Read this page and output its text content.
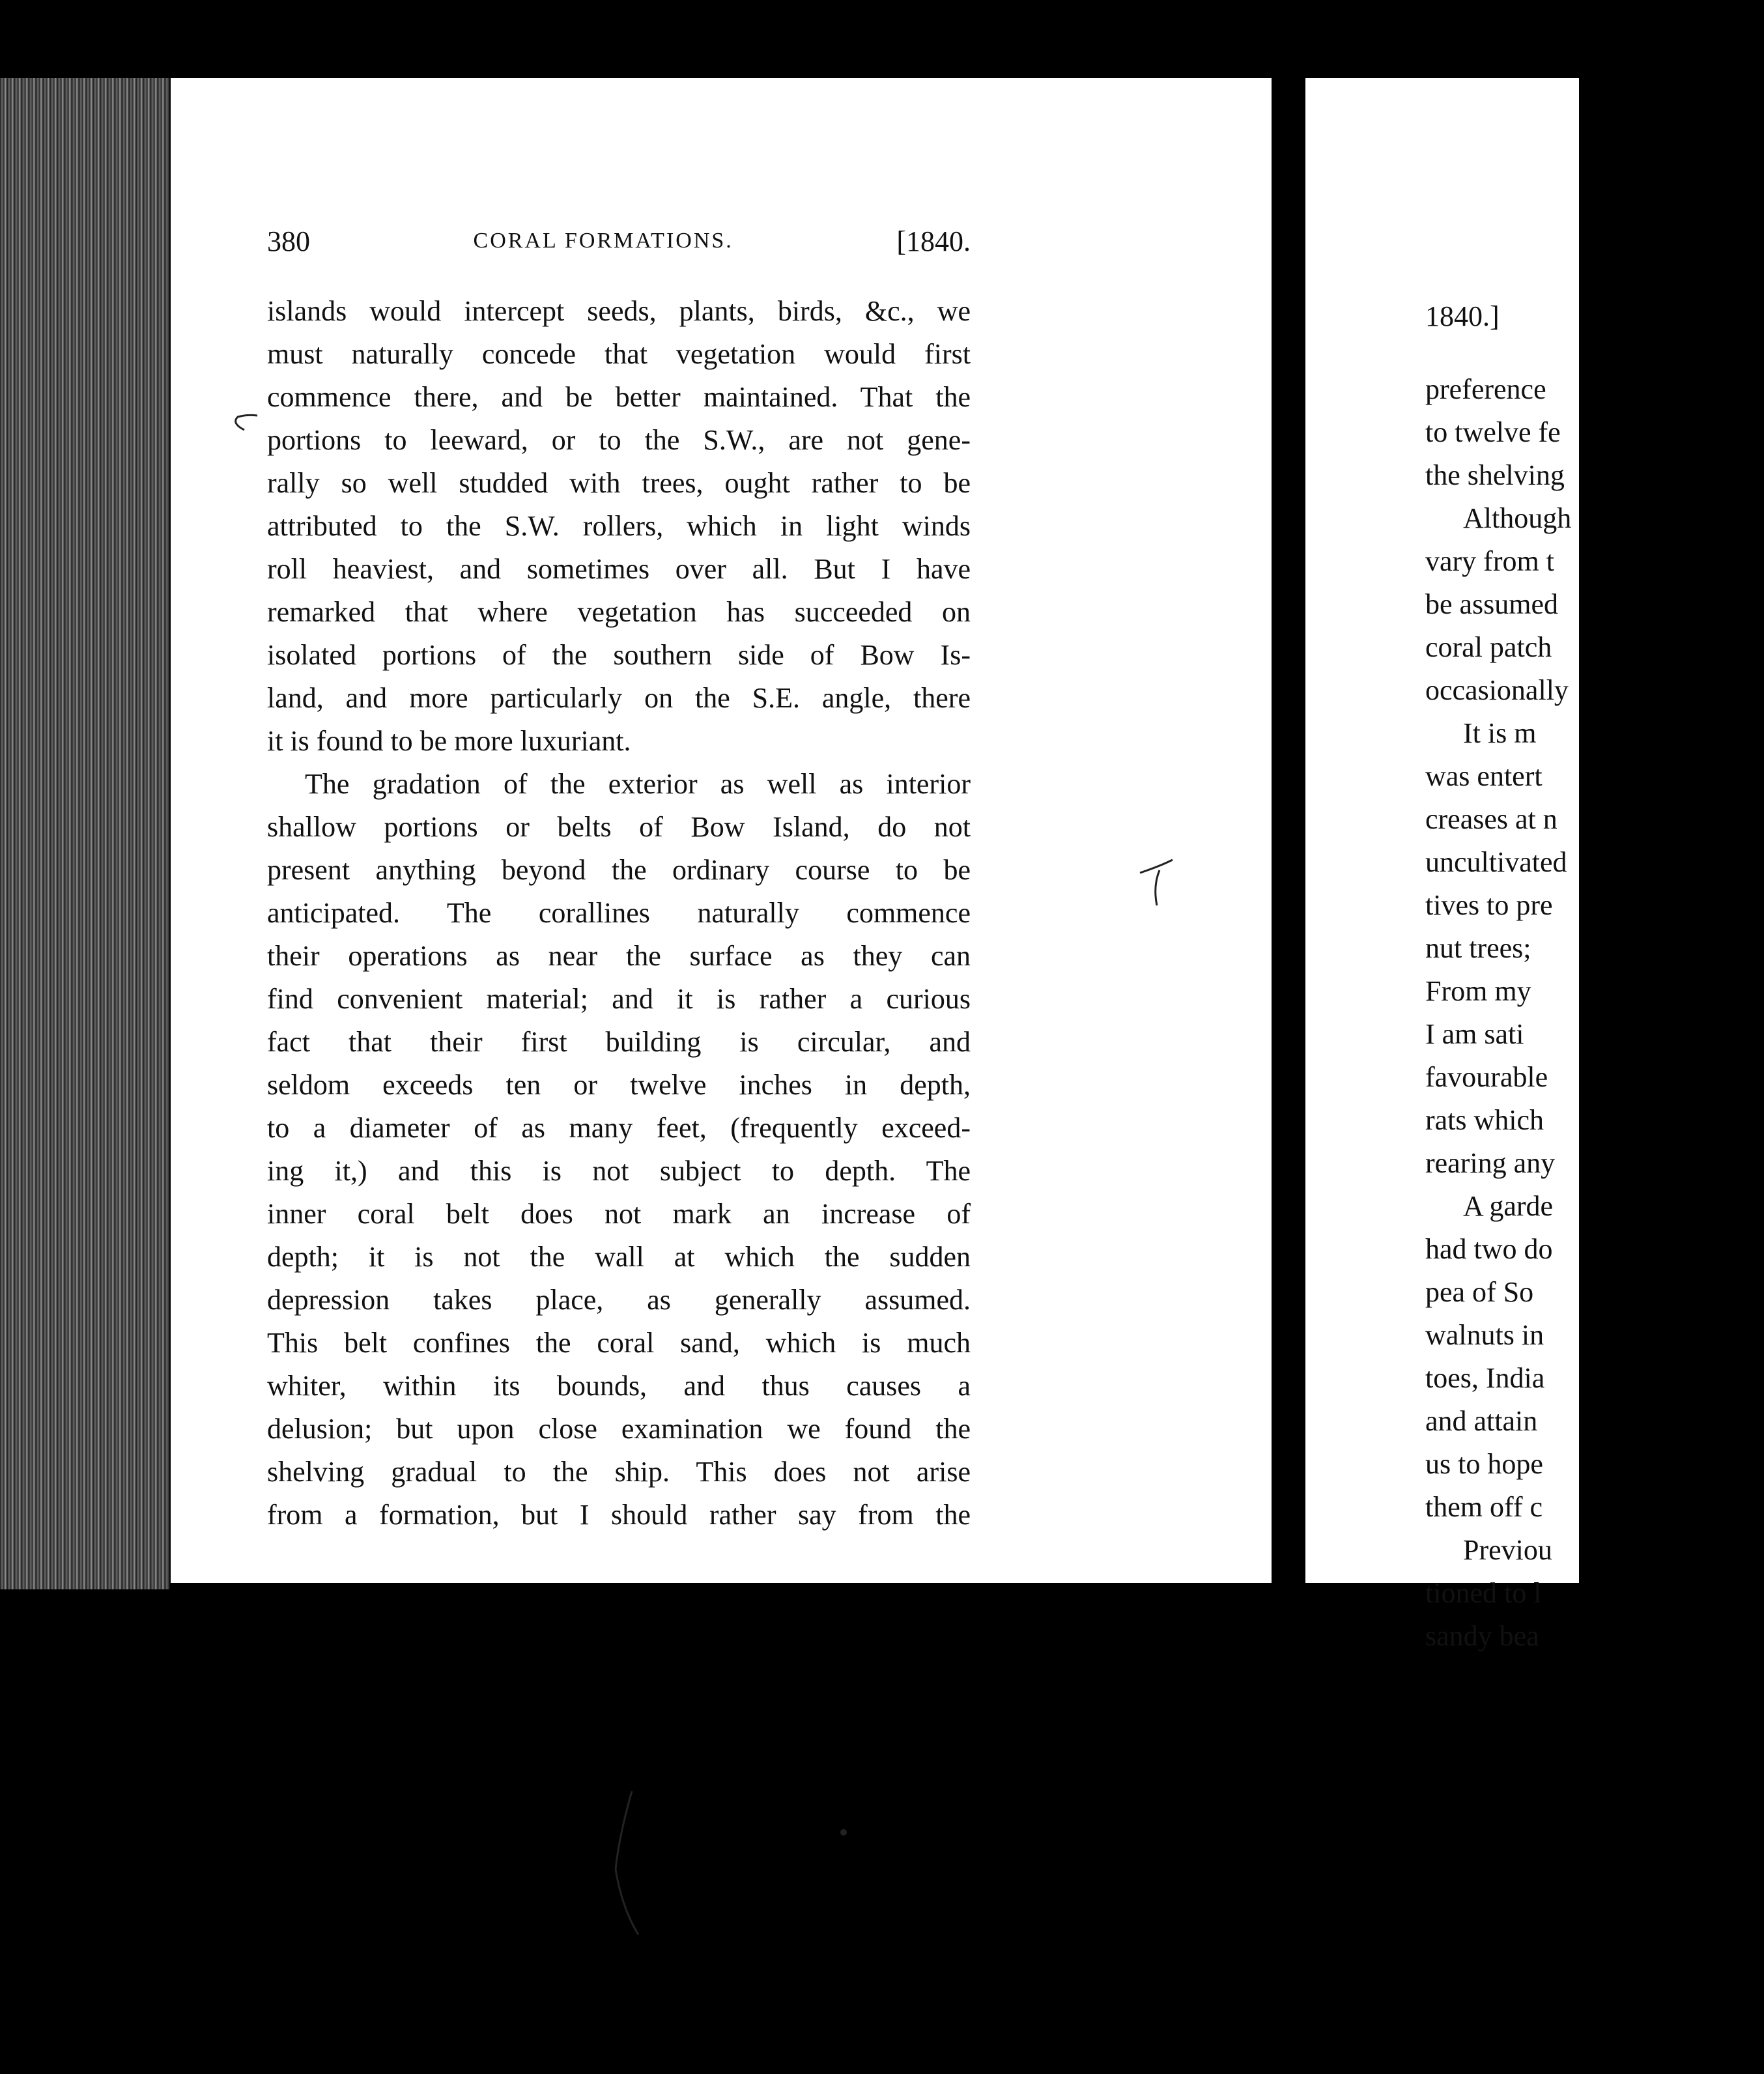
380	CORAL FORMATIONS.	[1840.
islands would intercept seeds, plants, birds, &c., we
must naturally concede that vegetation would first
commence there, and be better maintained. That the
portions to leeward, or to the S.W., are not gene-
rally so well studded with trees, ought rather to be
attributed to the S.W. rollers, which in light winds
roll heaviest, and sometimes over all. But I have
remarked that where vegetation has succeeded on
isolated portions of the southern side of Bow Is-
land, and more particularly on the S.E. angle, there
it is found to be more luxuriant.
The gradation of the exterior as well as interior
shallow portions or belts of Bow Island, do not
present anything beyond the ordinary course to be
anticipated. The corallines naturally commence
their operations as near the surface as they can
find convenient material; and it is rather a curious
fact that their first building is circular, and
seldom exceeds ten or twelve inches in depth,
to a diameter of as many feet, (frequently exceed-
ing it,) and this is not subject to depth. The
inner coral belt does not mark an increase of
depth; it is not the wall at which the sudden
depression takes place, as generally assumed.
This belt confines the coral sand, which is much
whiter, within its bounds, and thus causes a
delusion; but upon close examination we found the
shelving gradual to the ship. This does not arise
from a formation, but I should rather say from the
1840.]
preference
to twelve fe
the shelving
Although
vary from t
be assumed
coral patch
occasionally
It is m
was entert
creases at n
uncultivated
tives to pre
nut trees;
From my
I am sati
favourable
rats which
rearing any
A garde
had two do
pea of So
walnuts in
toes, India
and attain
us to hope
them off c
Previou
tioned to l
sandy bea
